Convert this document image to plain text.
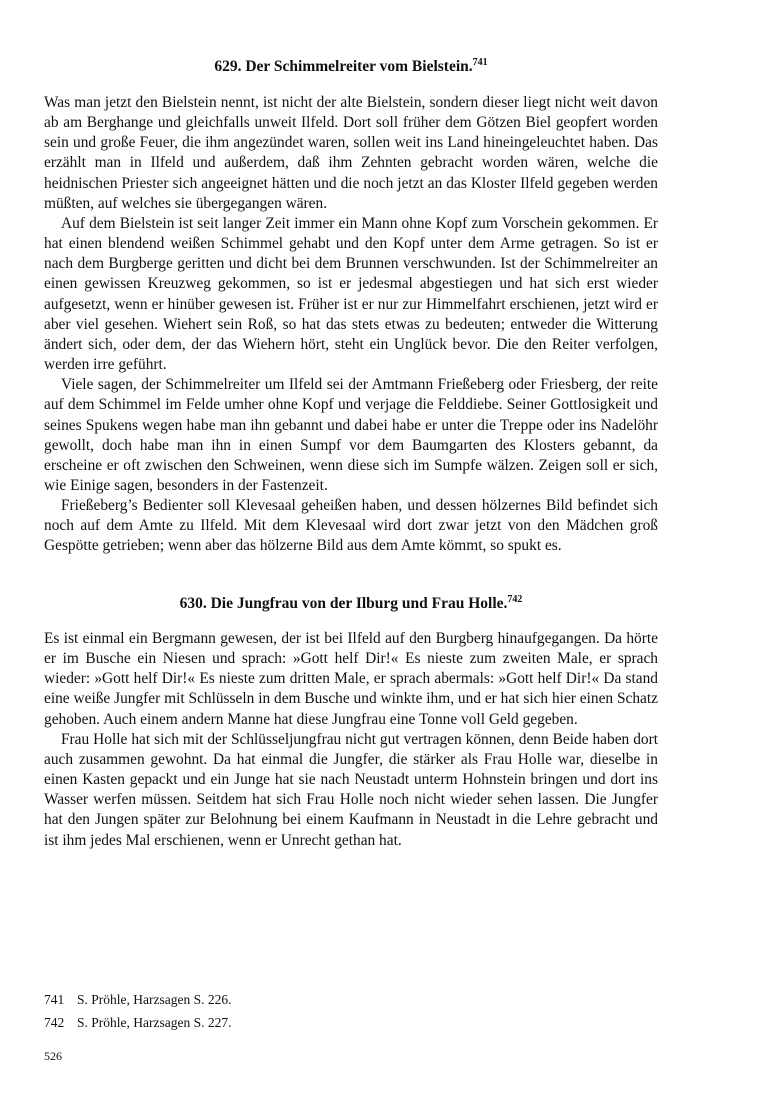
629. Der Schimmelreiter vom Bielstein.$^{741}$

Was man jetzt den Bielstein nennt, ist nicht der alte Bielstein, sondern dieser liegt nicht weit davon ab am Berghange und gleichfalls unweit Ilfeld. Dort soll früher dem Götzen Biel geopfert worden sein und große Feuer, die ihm angezündet waren, sollen weit ins Land hineingeleuchtet haben. Das erzählt man in Ilfeld und außerdem, daß ihm Zehnten gebracht worden wären, welche die heidnischen Priester sich angeeignet hätten und die noch jetzt an das Kloster Ilfeld gegeben werden müßten, auf welches sie übergegangen wären.

Auf dem Bielstein ist seit langer Zeit immer ein Mann ohne Kopf zum Vorschein gekommen. Er hat einen blendend weißen Schimmel gehabt und den Kopf unter dem Arme getragen. So ist er nach dem Burgberge geritten und dicht bei dem Brunnen verschwunden. Ist der Schimmelreiter an einen gewissen Kreuzweg gekommen, so ist er jedesmal abgestiegen und hat sich erst wieder aufgesetzt, wenn er hinüber gewesen ist. Früher ist er nur zur Himmelfahrt erschienen, jetzt wird er aber viel gesehen. Wiehert sein Roß, so hat das stets etwas zu bedeuten; entweder die Witterung ändert sich, oder dem, der das Wiehern hört, steht ein Unglück bevor. Die den Reiter verfolgen, werden irre geführt.

Viele sagen, der Schimmelreiter um Ilfeld sei der Amtmann Frießeberg oder Friesberg, der reite auf dem Schimmel im Felde umher ohne Kopf und verjage die Felddiebe. Seiner Gottlosigkeit und seines Spukens wegen habe man ihn gebannt und dabei habe er unter die Treppe oder ins Nadelöhr gewollt, doch habe man ihn in einen Sumpf vor dem Baumgarten des Klosters gebannt, da erscheine er oft zwischen den Schweinen, wenn diese sich im Sumpfe wälzen. Zeigen soll er sich, wie Einige sagen, besonders in der Fastenzeit.

Frießeberg’s Bedienter soll Klevesaal geheißen haben, und dessen hölzernes Bild befindet sich noch auf dem Amte zu Ilfeld. Mit dem Klevesaal wird dort zwar jetzt von den Mädchen groß Gespötte getrieben; wenn aber das hölzerne Bild aus dem Amte kömmt, so spukt es.

630. Die Jungfrau von der Ilburg und Frau Holle.$^{742}$

Es ist einmal ein Bergmann gewesen, der ist bei Ilfeld auf den Burgberg hinaufgegangen. Da hörte er im Busche ein Niesen und sprach: »Gott helf Dir!« Es nieste zum zweiten Male, er sprach wieder: »Gott helf Dir!« Es nieste zum dritten Male, er sprach abermals: »Gott helf Dir!« Da stand eine weiße Jungfer mit Schlüsseln in dem Busche und winkte ihm, und er hat sich hier einen Schatz gehoben. Auch einem andern Manne hat diese Jungfrau eine Tonne voll Geld gegeben.

Frau Holle hat sich mit der Schlüsseljungfrau nicht gut vertragen können, denn Beide haben dort auch zusammen gewohnt. Da hat einmal die Jungfer, die stärker als Frau Holle war, dieselbe in einen Kasten gepackt und ein Junge hat sie nach Neustadt unterm Hohnstein bringen und dort ins Wasser werfen müssen. Seitdem hat sich Frau Holle noch nicht wieder sehen lassen. Die Jungfer hat den Jungen später zur Belohnung bei einem Kaufmann in Neustadt in die Lehre gebracht und ist ihm jedes Mal erschienen, wenn er Unrecht gethan hat.

741 S. Pröhle, Harzsagen S. 226.
742 S. Pröhle, Harzsagen S. 227.
526
